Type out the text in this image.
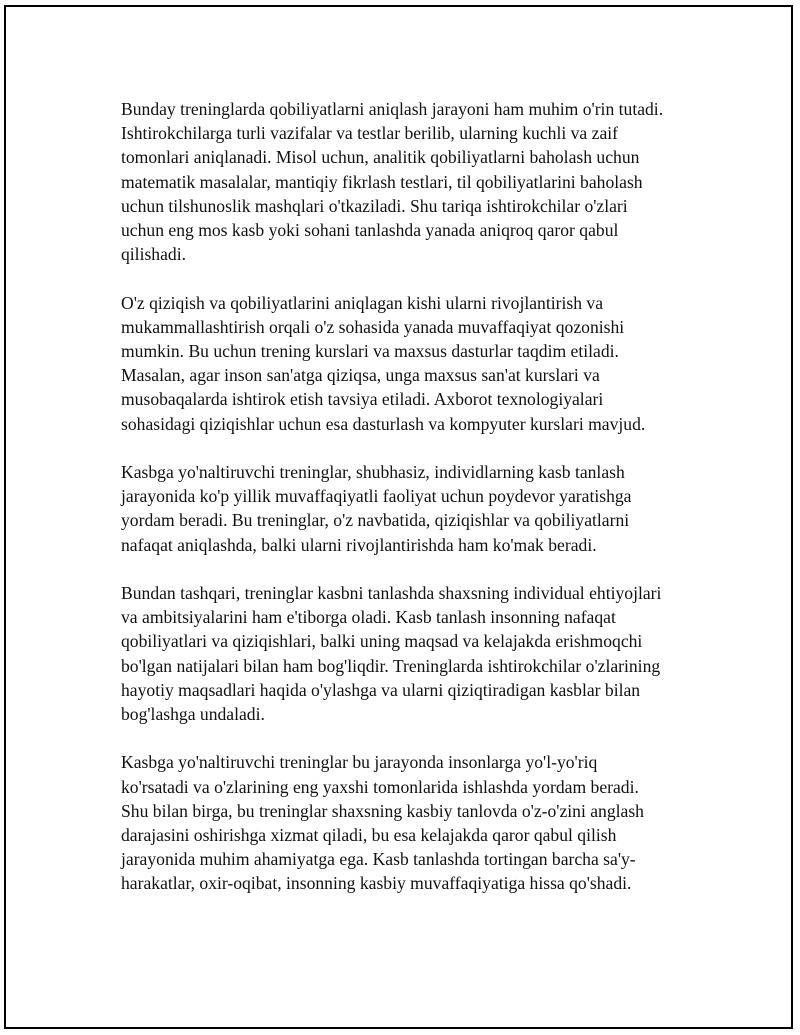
Bunday treninglarda qobiliyatlarni aniqlash jarayoni ham muhim o'rin tutadi.
Ishtirokchilarga turli vazifalar va testlar berilib, ularning kuchli va zaif
tomonlari aniqlanadi. Misol uchun, analitik qobiliyatlarni baholash uchun
matematik masalalar, mantiqiy fikrlash testlari, til qobiliyatlarini baholash
uchun tilshunoslik mashqlari o'tkaziladi. Shu tariqa ishtirokchilar o'zlari
uchun eng mos kasb yoki sohani tanlashda yanada aniqroq qaror qabul
qilishadi.

O'z qiziqish va qobiliyatlarini aniqlagan kishi ularni rivojlantirish va
mukammallashtirish orqali o'z sohasida yanada muvaffaqiyat qozonishi
mumkin. Bu uchun trening kurslari va maxsus dasturlar taqdim etiladi.
Masalan, agar inson san'atga qiziqsa, unga maxsus san'at kurslari va
musobaqalarda ishtirok etish tavsiya etiladi. Axborot texnologiyalari
sohasidagi qiziqishlar uchun esa dasturlash va kompyuter kurslari mavjud.

Kasbga yo'naltiruvchi treninglar, shubhasiz, individlarning kasb tanlash
jarayonida ko'p yillik muvaffaqiyatli faoliyat uchun poydevor yaratishga
yordam beradi. Bu treninglar, o'z navbatida, qiziqishlar va qobiliyatlarni
nafaqat aniqlashda, balki ularni rivojlantirishda ham ko'mak beradi.

Bundan tashqari, treninglar kasbni tanlashda shaxsning individual ehtiyojlari
va ambitsiyalarini ham e'tiborga oladi. Kasb tanlash insonning nafaqat
qobiliyatlari va qiziqishlari, balki uning maqsad va kelajakda erishmoqchi
bo'lgan natijalari bilan ham bog'liqdir. Treninglarda ishtirokchilar o'zlarining
hayotiy maqsadlari haqida o'ylashga va ularni qiziqtiradigan kasblar bilan
bog'lashga undaladi.

Kasbga yo'naltiruvchi treninglar bu jarayonda insonlarga yo'l-yo'riq
ko'rsatadi va o'zlarining eng yaxshi tomonlarida ishlashda yordam beradi.
Shu bilan birga, bu treninglar shaxsning kasbiy tanlovda o'z-o'zini anglash
darajasini oshirishga xizmat qiladi, bu esa kelajakda qaror qabul qilish
jarayonida muhim ahamiyatga ega. Kasb tanlashda tortingan barcha sa'y-
harakatlar, oxir-oqibat, insonning kasbiy muvaffaqiyatiga hissa qo'shadi.
